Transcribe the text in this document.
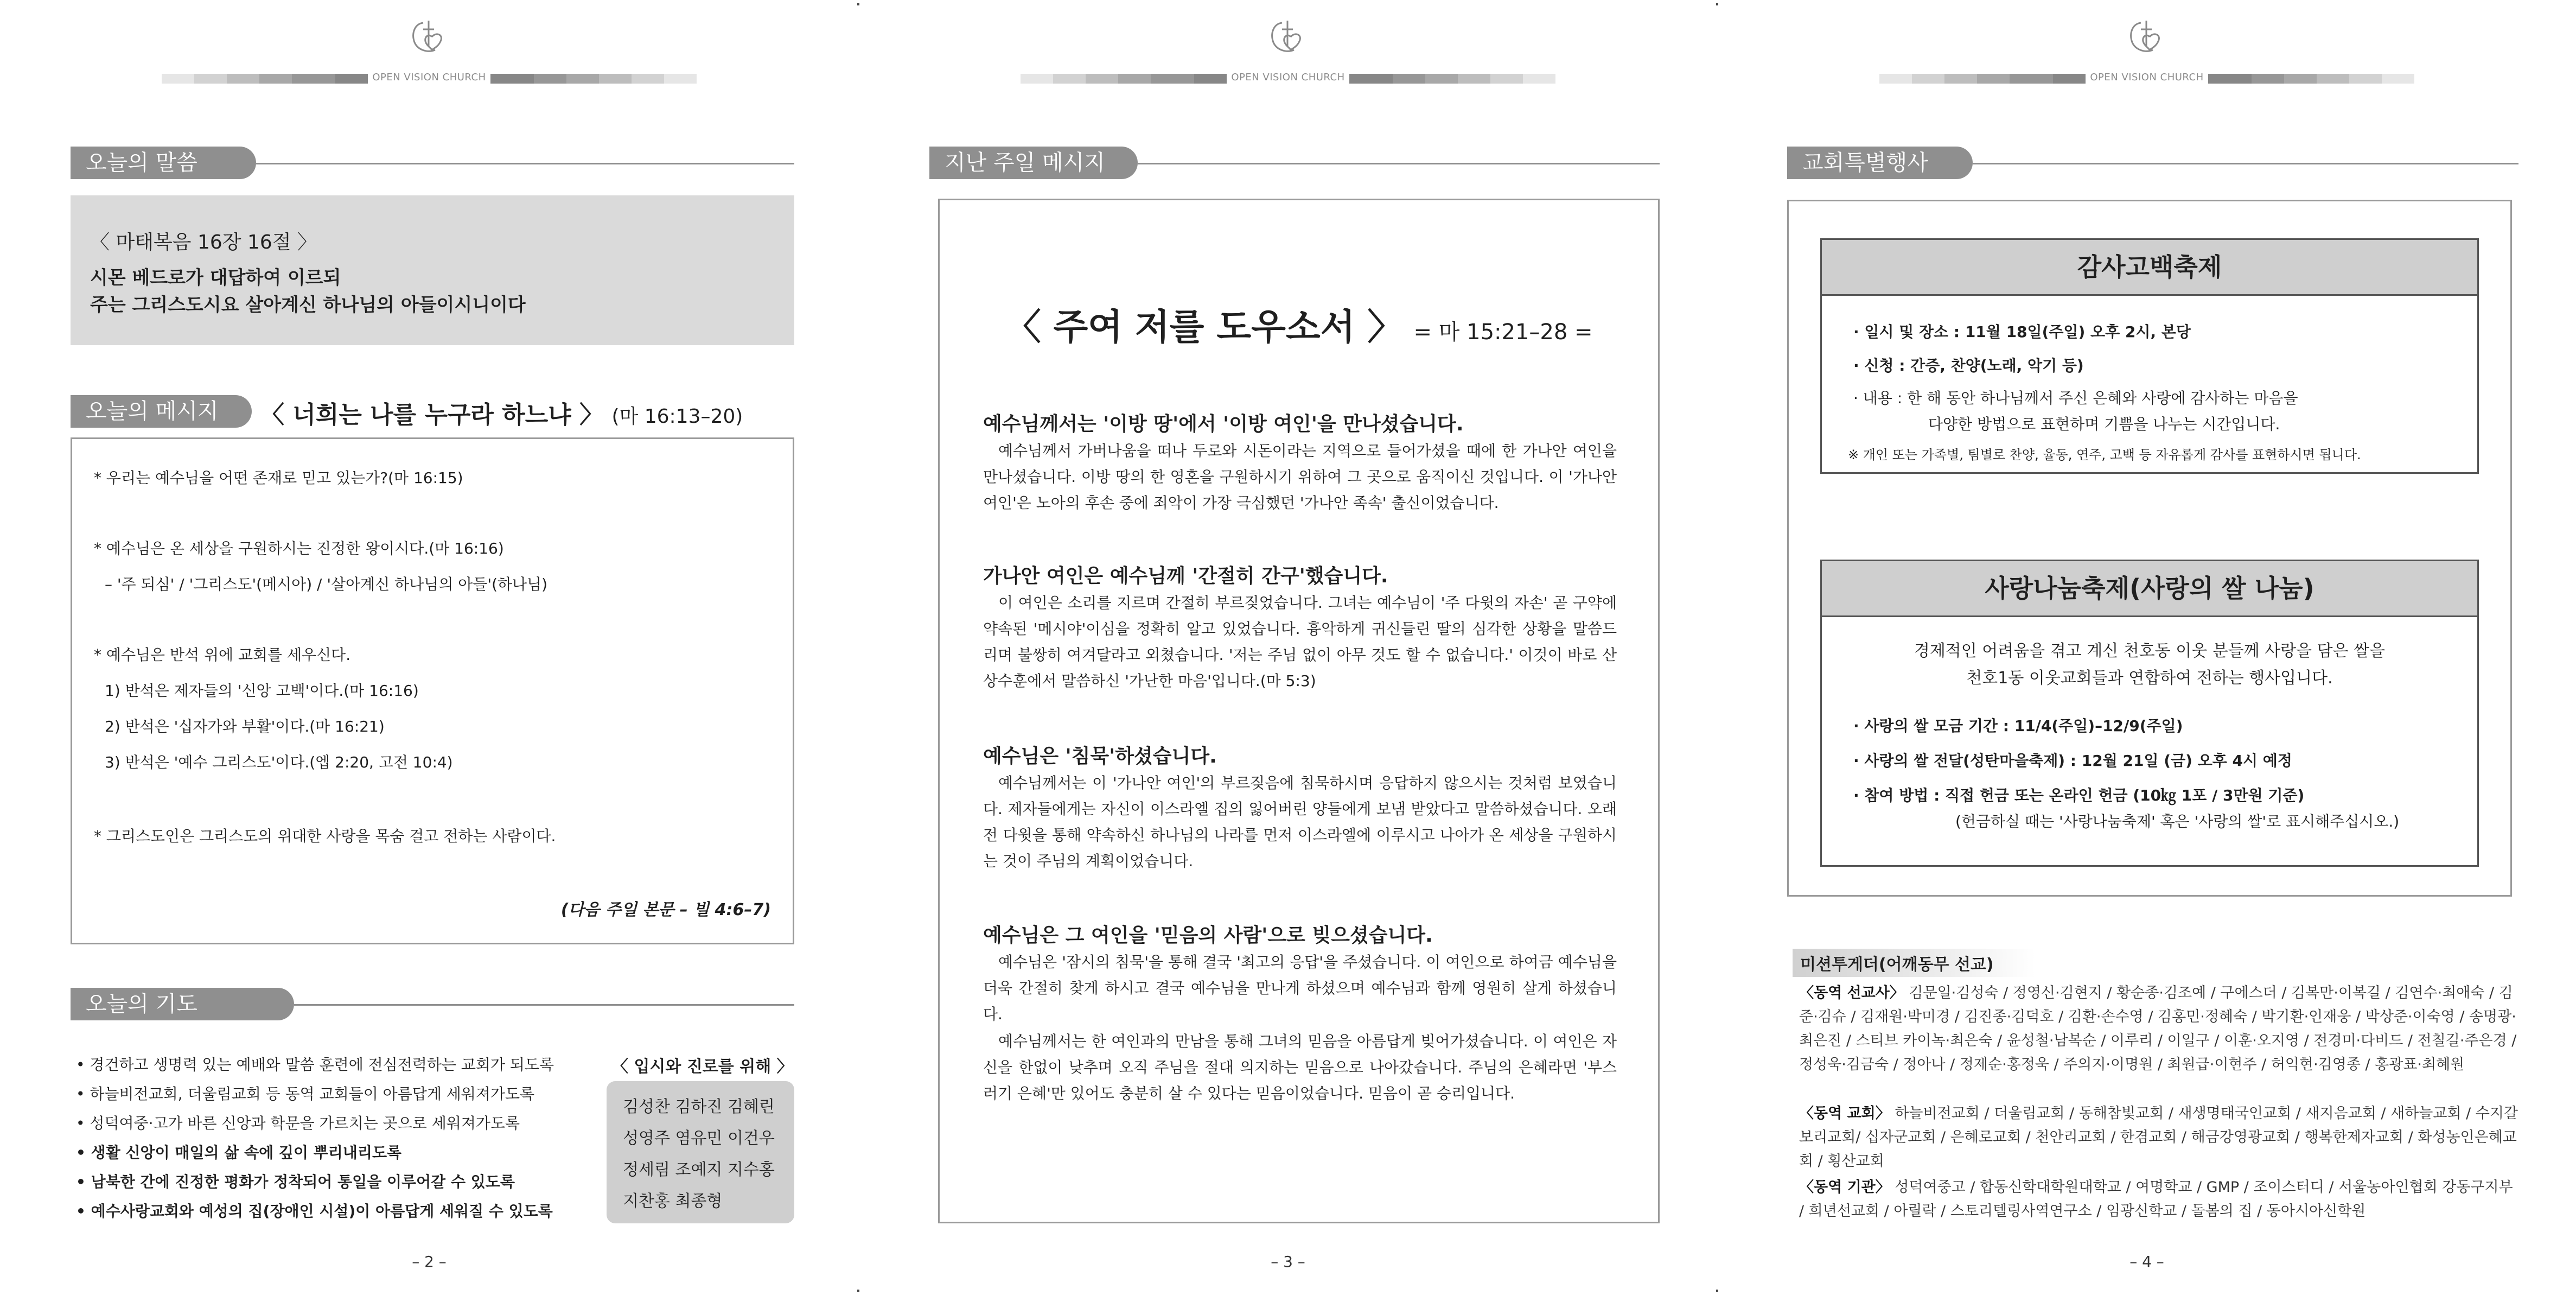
OPEN VISION CHURCH
오늘의 말씀
〈 마태복음 16장 16절 〉
시몬 베드로가 대답하여 이르되
주는 그리스도시요 살아계신 하나님의 아들이시니이다
오늘의 메시지	〈 너희는 나를 누구라 하느냐 〉 (마 16:13–20)
* 우리는 예수님을 어떤 존재로 믿고 있는가?(마 16:15)
* 예수님은 온 세상을 구원하시는 진정한 왕이시다.(마 16:16)
– '주 되심' / '그리스도'(메시아) / '살아계신 하나님의 아들'(하나님)
* 예수님은 반석 위에 교회를 세우신다.
1) 반석은 제자들의 '신앙 고백'이다.(마 16:16)
2) 반석은 '십자가와 부활'이다.(마 16:21)
3) 반석은 '예수 그리스도'이다.(엡 2:20, 고전 10:4)
* 그리스도인은 그리스도의 위대한 사랑을 목숨 걸고 전하는 사람이다.
(다음 주일 본문 – 빌 4:6–7)
오늘의 기도
• 경건하고 생명력 있는 예배와 말씀 훈련에 전심전력하는 교회가 되도록
• 하늘비전교회, 더울림교회 등 동역 교회들이 아름답게 세워져가도록
• 성덕여중·고가 바른 신앙과 학문을 가르치는 곳으로 세워져가도록
• 생활 신앙이 매일의 삶 속에 깊이 뿌리내리도록
• 남북한 간에 진정한 평화가 정착되어 통일을 이루어갈 수 있도록
• 예수사랑교회와 예성의 집(장애인 시설)이 아름답게 세워질 수 있도록
〈 입시와 진로를 위해 〉
김성찬 김하진 김혜린
성영주 염유민 이건우
정세림 조예지 지수홍
지찬홍 최종형
– 2 –
OPEN VISION CHURCH
지난 주일 메시지
〈 주여 저를 도우소서 〉 = 마 15:21–28 =
예수님께서는 '이방 땅'에서 '이방 여인'을 만나셨습니다.
예수님께서 가버나움을 떠나 두로와 시돈이라는 지역으로 들어가셨을 때에 한 가나안 여인을 만나셨습니다. 이방 땅의 한 영혼을 구원하시기 위하여 그 곳으로 움직이신 것입니다. 이 '가나안 여인'은 노아의 후손 중에 죄악이 가장 극심했던 '가나안 족속' 출신이었습니다.
가나안 여인은 예수님께 '간절히 간구'했습니다.
이 여인은 소리를 지르며 간절히 부르짖었습니다. 그녀는 예수님이 '주 다윗의 자손' 곧 구약에 약속된 '메시야'이심을 정확히 알고 있었습니다. 흉악하게 귀신들린 딸의 심각한 상황을 말씀드리며 불쌍히 여겨달라고 외쳤습니다. '저는 주님 없이 아무 것도 할 수 없습니다.' 이것이 바로 산상수훈에서 말씀하신 '가난한 마음'입니다.(마 5:3)
예수님은 '침묵'하셨습니다.
예수님께서는 이 '가나안 여인'의 부르짖음에 침묵하시며 응답하지 않으시는 것처럼 보였습니다. 제자들에게는 자신이 이스라엘 집의 잃어버린 양들에게 보냄 받았다고 말씀하셨습니다. 오래 전 다윗을 통해 약속하신 하나님의 나라를 먼저 이스라엘에 이루시고 나아가 온 세상을 구원하시는 것이 주님의 계획이었습니다.
예수님은 그 여인을 '믿음의 사람'으로 빚으셨습니다.
예수님은 '잠시의 침묵'을 통해 결국 '최고의 응답'을 주셨습니다. 이 여인으로 하여금 예수님을 더욱 간절히 찾게 하시고 결국 예수님을 만나게 하셨으며 예수님과 함께 영원히 살게 하셨습니다.
예수님께서는 한 여인과의 만남을 통해 그녀의 믿음을 아름답게 빚어가셨습니다. 이 여인은 자신을 한없이 낮추며 오직 주님을 절대 의지하는 믿음으로 나아갔습니다. 주님의 은혜라면 '부스러기 은혜'만 있어도 충분히 살 수 있다는 믿음이었습니다. 믿음이 곧 승리입니다.
– 3 –
OPEN VISION CHURCH
교회특별행사
감사고백축제
· 일시 및 장소 : 11월 18일(주일) 오후 2시, 본당
· 신청 : 간증, 찬양(노래, 악기 등)
· 내용 : 한 해 동안 하나님께서 주신 은혜와 사랑에 감사하는 마음을
다양한 방법으로 표현하며 기쁨을 나누는 시간입니다.
※ 개인 또는 가족별, 팀별로 찬양, 율동, 연주, 고백 등 자유롭게 감사를 표현하시면 됩니다.
사랑나눔축제(사랑의 쌀 나눔)
경제적인 어려움을 겪고 계신 천호동 이웃 분들께 사랑을 담은 쌀을
천호1동 이웃교회들과 연합하여 전하는 행사입니다.
· 사랑의 쌀 모금 기간 : 11/4(주일)–12/9(주일)
· 사랑의 쌀 전달(성탄마을축제) : 12월 21일 (금) 오후 4시 예정
· 참여 방법 : 직접 헌금 또는 온라인 헌금 (10㎏ 1포 / 3만원 기준)
(헌금하실 때는 '사랑나눔축제' 혹은 '사랑의 쌀'로 표시해주십시오.)
미션투게더(어깨동무 선교)
〈동역 선교사〉 김문일·김성숙 / 정영신·김현지 / 황순종·김조예 / 구에스더 / 김복만·이복길 / 김연수·최애숙 / 김준·김슈 / 김재원·박미경 / 김진종·김덕호 / 김환·손수영 / 김홍민·정혜숙 / 박기환·인재웅 / 박상준·이숙영 / 송명광·최은진 / 스티브 카이녹·최은숙 / 윤성철·남복순 / 이루리 / 이일구 / 이훈·오지영 / 전경미·다비드 / 전칠길·주은경 / 정성욱·김금숙 / 정아나 / 정제순·홍정욱 / 주의지·이명원 / 최원급·이현주 / 허익현·김영종 / 홍광표·최혜원
〈동역 교회〉 하늘비전교회 / 더울림교회 / 동해참빛교회 / 새생명태국인교회 / 새지음교회 / 새하늘교회 / 수지갈보리교회/ 십자군교회 / 은혜로교회 / 천안리교회 / 한겸교회 / 해금강영광교회 / 행복한제자교회 / 화성농인은혜교회 / 횡산교회
〈동역 기관〉 성덕여중고 / 합동신학대학원대학교 / 여명학교 / GMP / 조이스터디 / 서울농아인협회 강동구지부 / 희년선교회 / 아릴락 / 스토리텔링사역연구소 / 임광신학교 / 돌봄의 집 / 동아시아신학원
– 4 –
